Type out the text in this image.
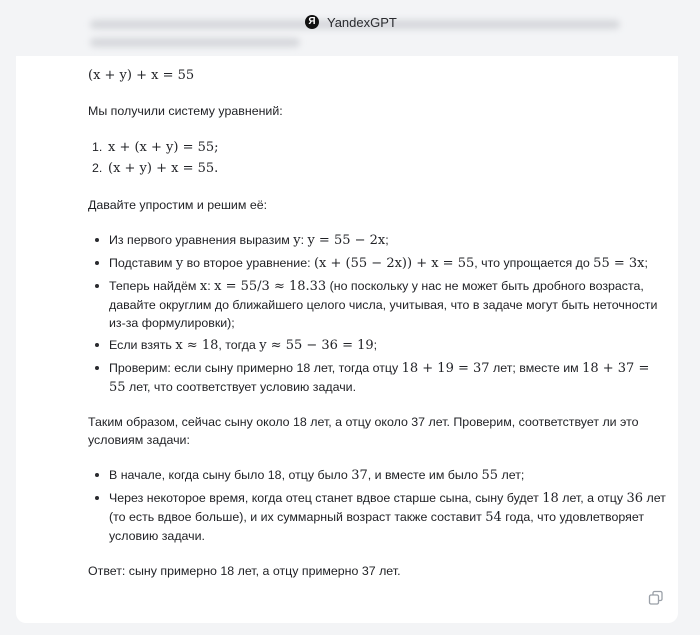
Я YandexGPT

(x + y) + x = 55

Мы получили систему уравнений:

1. x + (x + y) = 55;
2. (x + y) + x = 55.

Давайте упростим и решим её:

Из первого уравнения выразим y: y = 55 − 2x;
Подставим y во второе уравнение: (x + (55 − 2x)) + x = 55, что упрощается до 55 = 3x;
Теперь найдём x: x = 55/3 ≈ 18.33 (но поскольку у нас не может быть дробного возраста, давайте округлим до ближайшего целого числа, учитывая, что в задаче могут быть неточности из-за формулировки);
Если взять x ≈ 18, тогда y ≈ 55 − 36 = 19;
Проверим: если сыну примерно 18 лет, тогда отцу 18 + 19 = 37 лет; вместе им 18 + 37 = 55 лет, что соответствует условию задачи.

Таким образом, сейчас сыну около 18 лет, а отцу около 37 лет. Проверим, соответствует ли это условиям задачи:

В начале, когда сыну было 18, отцу было 37, и вместе им было 55 лет;
Через некоторое время, когда отец станет вдвое старше сына, сыну будет 18 лет, а отцу 36 лет (то есть вдвое больше), и их суммарный возраст также составит 54 года, что удовлетворяет условию задачи.

Ответ: сыну примерно 18 лет, а отцу примерно 37 лет.
